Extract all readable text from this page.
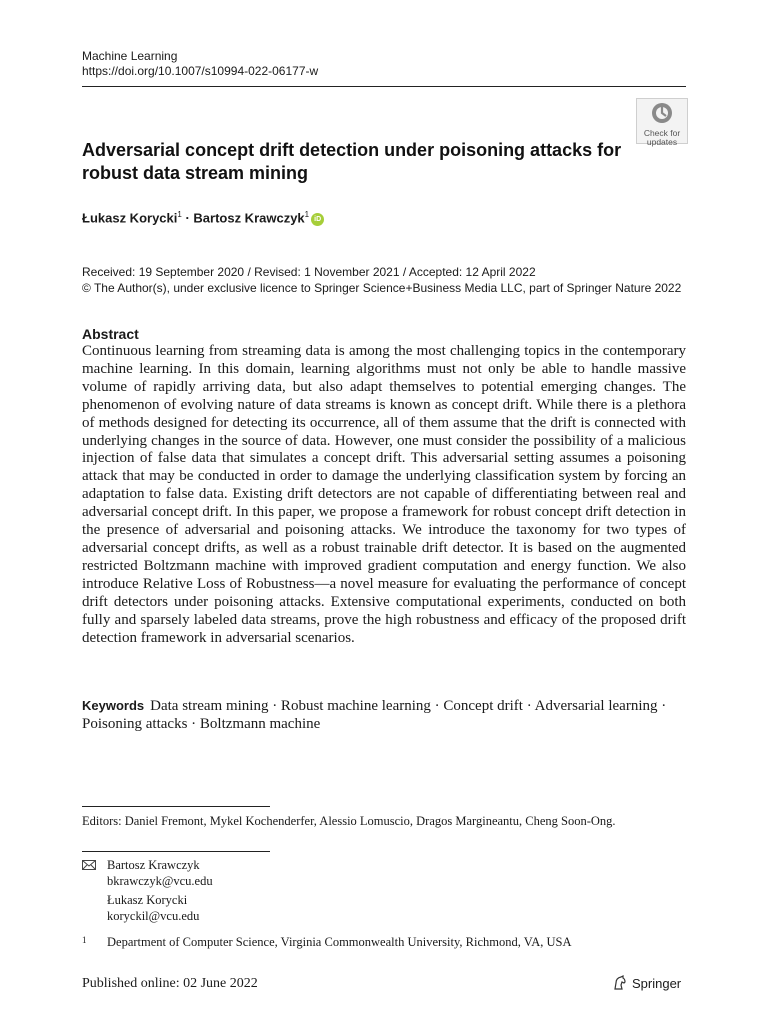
Machine Learning
https://doi.org/10.1007/s10994-022-06177-w
Check for
updates
Adversarial concept drift detection under poisoning attacks for robust data stream mining
Łukasz Korycki$^1$ · Bartosz Krawczyk$^1$iD
Received: 19 September 2020 / Revised: 1 November 2021 / Accepted: 12 April 2022
© The Author(s), under exclusive licence to Springer Science+Business Media LLC, part of Springer Nature 2022
Abstract
Continuous learning from streaming data is among the most challenging topics in the contemporary machine learning. In this domain, learning algorithms must not only be able to handle massive volume of rapidly arriving data, but also adapt themselves to potential emerging changes. The phenomenon of evolving nature of data streams is known as concept drift. While there is a plethora of methods designed for detecting its occurrence, all of them assume that the drift is connected with underlying changes in the source of data. However, one must consider the possibility of a malicious injection of false data that simulates a concept drift. This adversarial setting assumes a poisoning attack that may be conducted in order to damage the underlying classification system by forcing an adaptation to false data. Existing drift detectors are not capable of differentiating between real and adversarial concept drift. In this paper, we propose a framework for robust concept drift detection in the presence of adversarial and poisoning attacks. We introduce the taxonomy for two types of adversarial concept drifts, as well as a robust trainable drift detector. It is based on the augmented restricted Boltzmann machine with improved gradient computation and energy function. We also introduce Relative Loss of Robustness—a novel measure for evaluating the performance of concept drift detectors under poisoning attacks. Extensive computational experiments, conducted on both fully and sparsely labeled data streams, prove the high robustness and efficacy of the proposed drift detection framework in adversarial scenarios.
Keywords Data stream mining · Robust machine learning · Concept drift · Adversarial learning · Poisoning attacks · Boltzmann machine
Editors: Daniel Fremont, Mykel Kochenderfer, Alessio Lomuscio, Dragos Margineantu, Cheng Soon-Ong.
Bartosz Krawczyk
bkrawczyk@vcu.edu
Łukasz Korycki
koryckil@vcu.edu
1 Department of Computer Science, Virginia Commonwealth University, Richmond, VA, USA
Published online: 02 June 2022	Springer
